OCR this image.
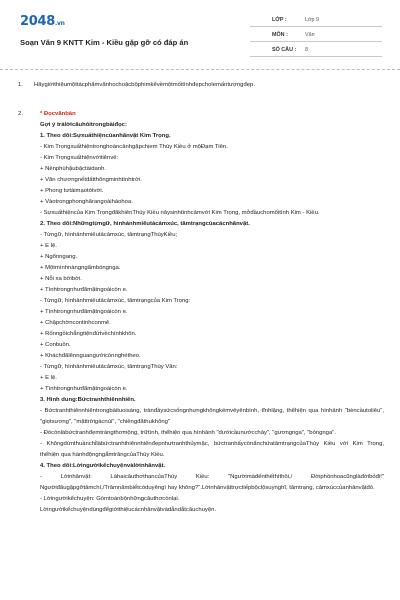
2048.vn
Soạn Văn 9 KNTT Kim - Kiều gặp gỡ có đáp án
LỚP :	Lớp 9
MÔN :	Văn
SỐ CÂU : 8
1. Hãygiớithiệumộttácphẩmvănhọchoặcbộphimkểvềmộtmốitìnhđẹpcholemấntượngđẹp.
2.	* Đọcvănbản
Gợi ý trảlờicâuhỏitrongbàiđọc:
1. Theo dõi:Sựxuấthiệncủanhânvật Kim Trọng.
- Kim Trọngxuấthiệntronghoàncảnhgặpchịem Thúy Kiều ở mộĐạm Tiên.
- Kim Trọngxuấthiệnvớitiênvẻ:
+ Nềnphùhậubậctàidanh.
+ Văn chươngnếtđấtthôngminhtínhtrời.
+ Phong tưtàimạotótvời.
+ Vàotrongphonghãrangoàiháohoa.
- Sựxuấthiệncủa Kim TrọngđãkhiênThúy Kiều nảysinhtìnhcảmvới Kim Trọng, mởđầuchomốitình Kim - Kiều.
2. Theo dõi:Nhữngtừngữ, hìnhảnhmiêutảcảmxúc, tâmtrạngcủacácnhânvật.
- Từngữ, hìnhảnhmiêutảcảmxúc, tâmtrạngThúyKiều;
+ E lệ.
+ Ngổnngang.
+ Mộtmìnhnàngngẩmbóngnga.
+ Nỗi xa bờibời.
+ Tìnhtrongnhưđãmặtngoàicòn e.
- Từngữ, hìnhảnhmiêutảcảmxúc, tâmtrạngcủa Kim Trọng:
+ Tìnhtrongnhưđãmặtngoàicòn e.
+ Chậpchờncontinhconmê.
+ Rốnngồichẳngtiệnđứtvềchínhkhôn.
+ Conbuồn.
+ Kháchđãlênnguangướicònnghétheo.
- Từngữ, hìnhảnhmiêutảcảmxúc, tâmtrạngThúy Vân:
+ E lệ.
+ Tìnhtrongnhưđãmặtngoàicòn e.
3. Hình dung:Bứctranhthiênnhiên.
- Bứctranhthiênnhiêntrongbàituoisáng, trànđầysứcsốngnhưngkhôngkémvẻyênbình, tĩnhlặng, thểhiện qua hìnhảnh "bèncầutoliêu", "giọtsương", "mặttrờigácnúi", "chiêngđãthukhông"
- Đócònlàbứctranhđẹmtrángthơmộng, trữtình, thểhiện qua hìnhảnh "dướicầunướcchảy", "gươngnga", "bóngnga".
- Khôngdừnthuầnchỉlàbứctranhthiênnhiênđẹpnhưtranhthủymặc, bứctranhấycònẩnchứatâmtrạngcủaThúy Kiều với Kim Trọng, thểhiện qua hànhđộngngắmtrăngcủaThúy Kiều.
4. Theo dõi:Lờingườikểchuyệnvàlờinhânvật.
- Lờinhânvật: LàhaicâuthơthancủaThúy Kiều: "Ngườimàđếnthếthìthôi,/ Đờiphồnhoacũnglàđờibỏđi!" Ngườiđãugặpgỡtâmchí,/Trămnămbiếtcóduyêngì hay không?".Lờinhânvậttrựctiếpbộclộsuynghĩ, tâmtrạng, cảmxúccủanhânvậtđó.
- Lờingườikểchuyện: Gòmtoànbộnhữngcâuthơcònlại.
Lờingườikểchuyệndùngđểgiớithiệucácnhânvậtvàdẫndắtcâuchuyện.
